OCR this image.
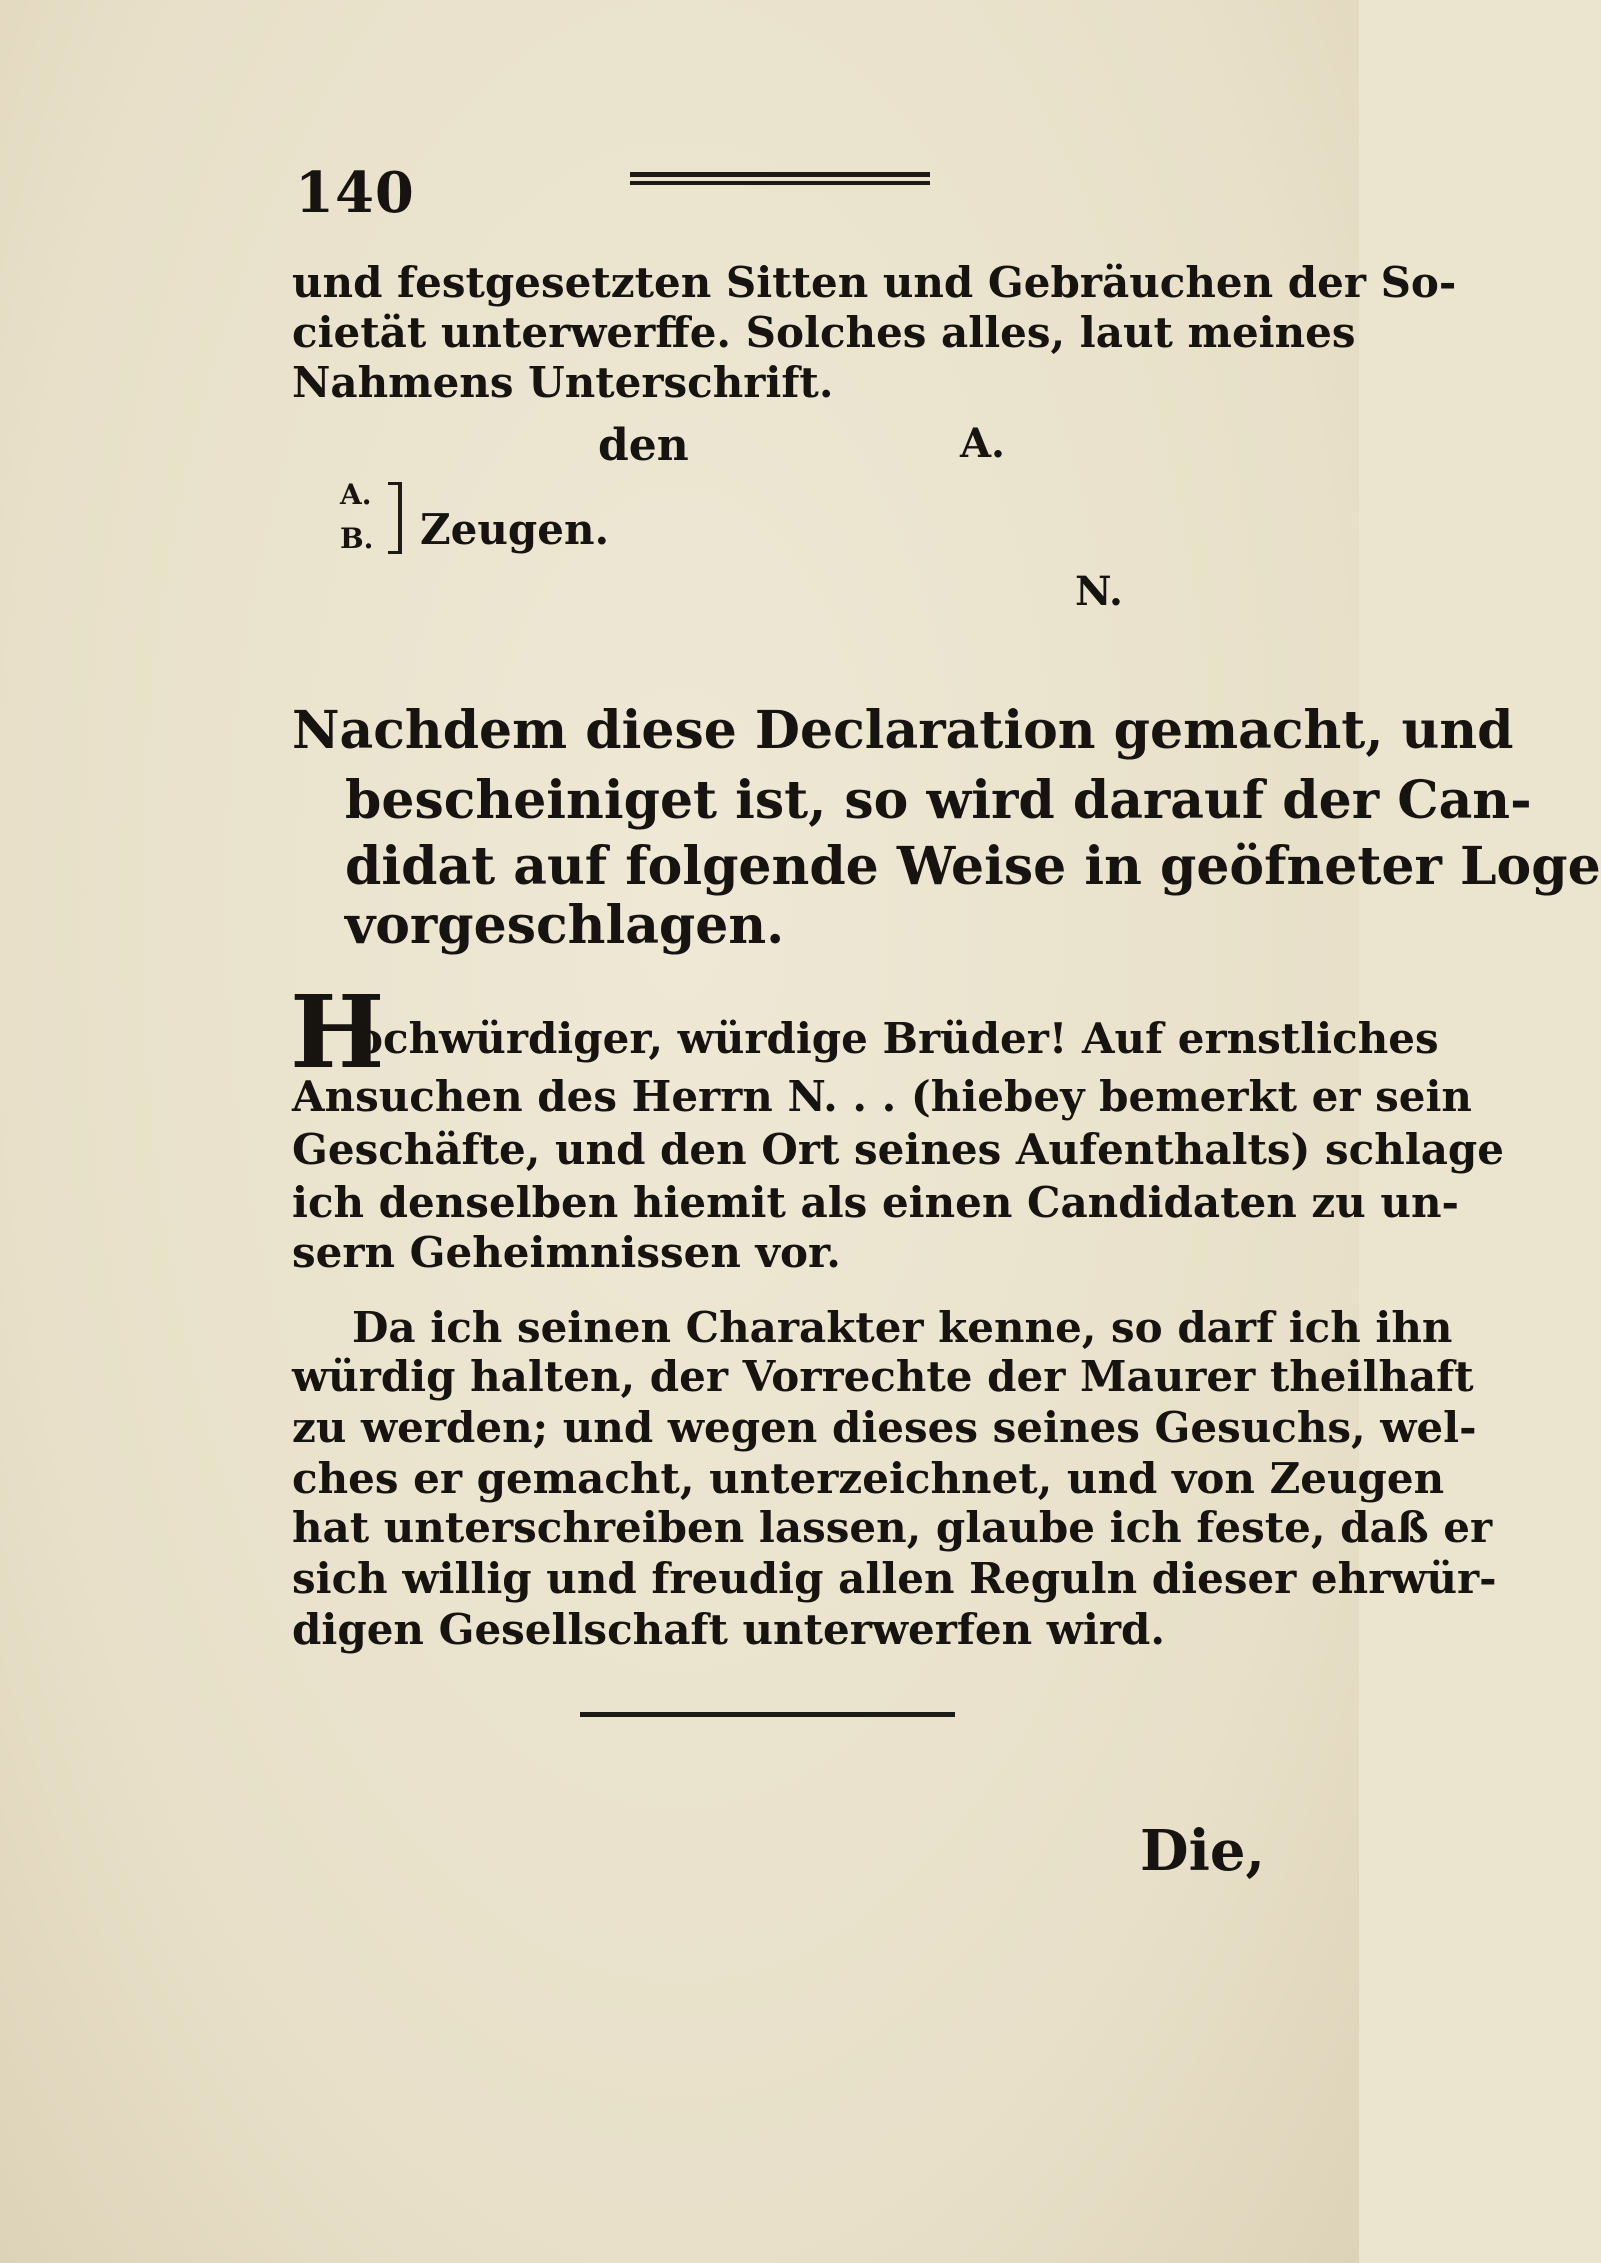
140
und festgesetzten Sitten und Gebräuchen der So-
cietät unterwerffe. Solches alles, laut meines
Nahmens Unterschrift.
den	A.
A.
B. Zeugen.
N.
Nachdem diese Declaration gemacht, und
bescheiniget ist, so wird darauf der Can-
didat auf folgende Weise in geöfneter Loge
vorgeschlagen.
H
ochwürdiger, würdige Brüder! Auf ernstliches
Ansuchen des Herrn N. . . (hiebey bemerkt er sein
Geschäfte, und den Ort seines Aufenthalts) schlage
ich denselben hiemit als einen Candidaten zu un-
sern Geheimnissen vor.
Da ich seinen Charakter kenne, so darf ich ihn
würdig halten, der Vorrechte der Maurer theilhaft
zu werden; und wegen dieses seines Gesuchs, wel-
ches er gemacht, unterzeichnet, und von Zeugen
hat unterschreiben lassen, glaube ich feste, daß er
sich willig und freudig allen Reguln dieser ehrwür-
digen Gesellschaft unterwerfen wird.
Die,
